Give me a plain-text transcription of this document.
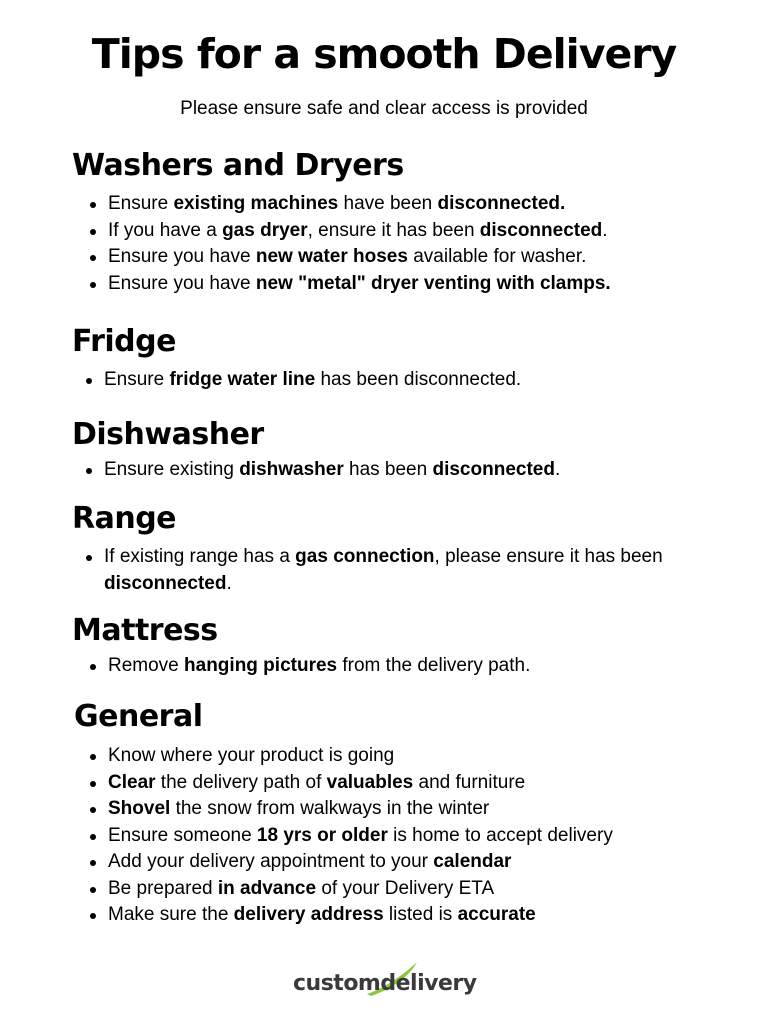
Tips for a smooth Delivery
Please ensure safe and clear access is provided
Washers and Dryers
Ensure existing machines have been disconnected.
If you have a gas dryer, ensure it has been disconnected.
Ensure you have new water hoses available for washer.
Ensure you have new "metal" dryer venting with clamps.
Fridge
Ensure fridge water line has been disconnected.
Dishwasher
Ensure existing dishwasher has been disconnected.
Range
If existing range has a gas connection, please ensure it has been disconnected.
Mattress
Remove hanging pictures from the delivery path.
General
Know where your product is going
Clear the delivery path of valuables and furniture
Shovel the snow from walkways in the winter
Ensure someone 18 yrs or older is home to accept delivery
Add your delivery appointment to your calendar
Be prepared in advance of your Delivery ETA
Make sure the delivery address listed is accurate
customdelivery
